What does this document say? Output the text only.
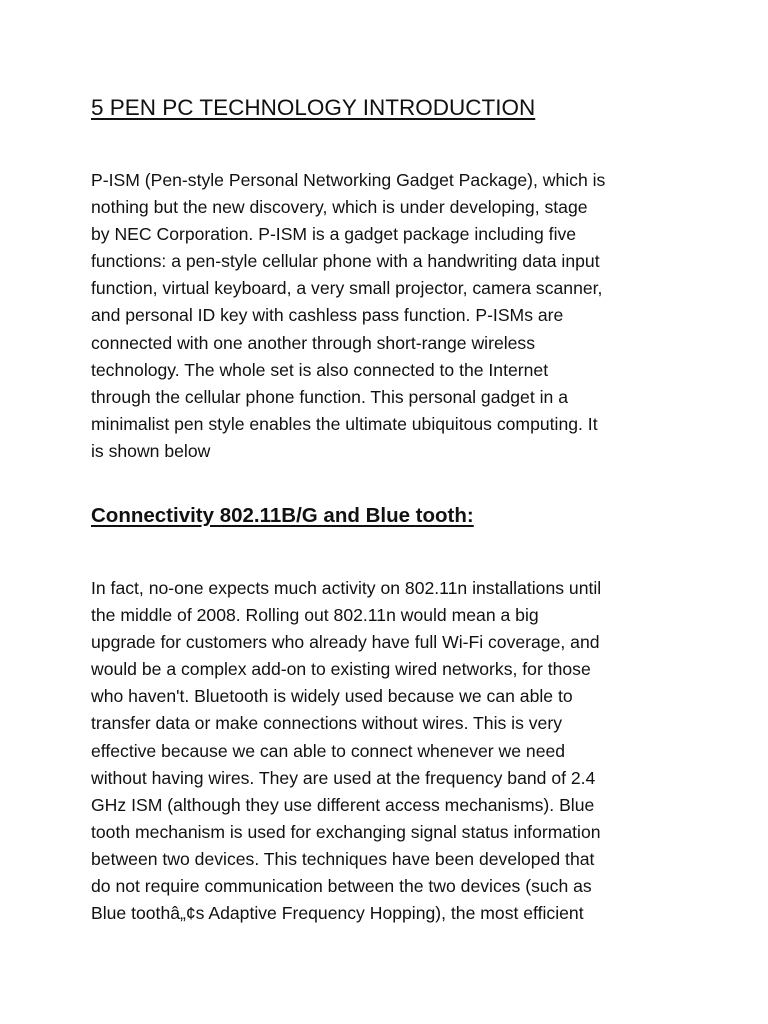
5 PEN PC TECHNOLOGY INTRODUCTION

P-ISM (Pen-style Personal Networking Gadget Package), which is
nothing but the new discovery, which is under developing, stage
by NEC Corporation. P-ISM is a gadget package including five
functions: a pen-style cellular phone with a handwriting data input
function, virtual keyboard, a very small projector, camera scanner,
and personal ID key with cashless pass function. P-ISMs are
connected with one another through short-range wireless
technology. The whole set is also connected to the Internet
through the cellular phone function. This personal gadget in a
minimalist pen style enables the ultimate ubiquitous computing. It
is shown below

Connectivity 802.11B/G and Blue tooth:

In fact, no-one expects much activity on 802.11n installations until
the middle of 2008. Rolling out 802.11n would mean a big
upgrade for customers who already have full Wi-Fi coverage, and
would be a complex add-on to existing wired networks, for those
who haven't. Bluetooth is widely used because we can able to
transfer data or make connections without wires. This is very
effective because we can able to connect whenever we need
without having wires. They are used at the frequency band of 2.4
GHz ISM (although they use different access mechanisms). Blue
tooth mechanism is used for exchanging signal status information
between two devices. This techniques have been developed that
do not require communication between the two devices (such as
Blue toothâ„¢s Adaptive Frequency Hopping), the most efficient
